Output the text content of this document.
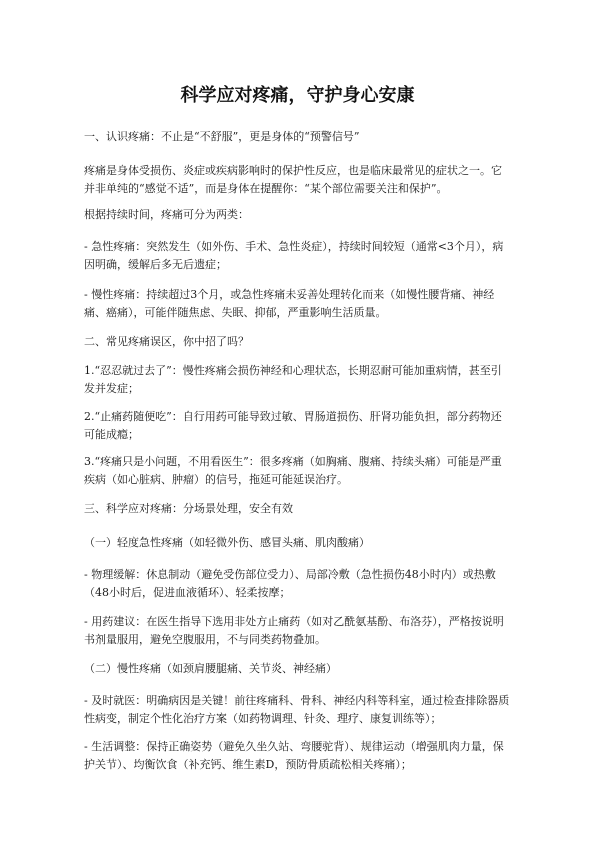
科学应对疼痛，守护身心安康

一、认识疼痛：不止是“不舒服”，更是身体的“预警信号”

疼痛是身体受损伤、炎症或疾病影响时的保护性反应，也是临床最常见的症状之一。它并非单纯的“感觉不适”，而是身体在提醒你：“某个部位需要关注和保护”。

根据持续时间，疼痛可分为两类：

- 急性疼痛：突然发生（如外伤、手术、急性炎症），持续时间较短（通常<3个月），病因明确，缓解后多无后遗症；

- 慢性疼痛：持续超过3个月，或急性疼痛未妥善处理转化而来（如慢性腰背痛、神经痛、癌痛），可能伴随焦虑、失眠、抑郁，严重影响生活质量。

二、常见疼痛误区，你中招了吗？

1.“忍忍就过去了”：慢性疼痛会损伤神经和心理状态，长期忍耐可能加重病情，甚至引发并发症；

2.“止痛药随便吃”：自行用药可能导致过敏、胃肠道损伤、肝肾功能负担，部分药物还可能成瘾；

3.“疼痛只是小问题，不用看医生”：很多疼痛（如胸痛、腹痛、持续头痛）可能是严重疾病（如心脏病、肿瘤）的信号，拖延可能延误治疗。

三、科学应对疼痛：分场景处理，安全有效

（一）轻度急性疼痛（如轻微外伤、感冒头痛、肌肉酸痛）

- 物理缓解：休息制动（避免受伤部位受力）、局部冷敷（急性损伤48小时内）或热敷（48小时后，促进血液循环）、轻柔按摩；

- 用药建议：在医生指导下选用非处方止痛药（如对乙酰氨基酚、布洛芬），严格按说明书剂量服用，避免空腹服用，不与同类药物叠加。

（二）慢性疼痛（如颈肩腰腿痛、关节炎、神经痛）

- 及时就医：明确病因是关键！前往疼痛科、骨科、神经内科等科室，通过检查排除器质性病变，制定个性化治疗方案（如药物调理、针灸、理疗、康复训练等）；

- 生活调整：保持正确姿势（避免久坐久站、弯腰驼背）、规律运动（增强肌肉力量，保护关节）、均衡饮食（补充钙、维生素D，预防骨质疏松相关疼痛）；
